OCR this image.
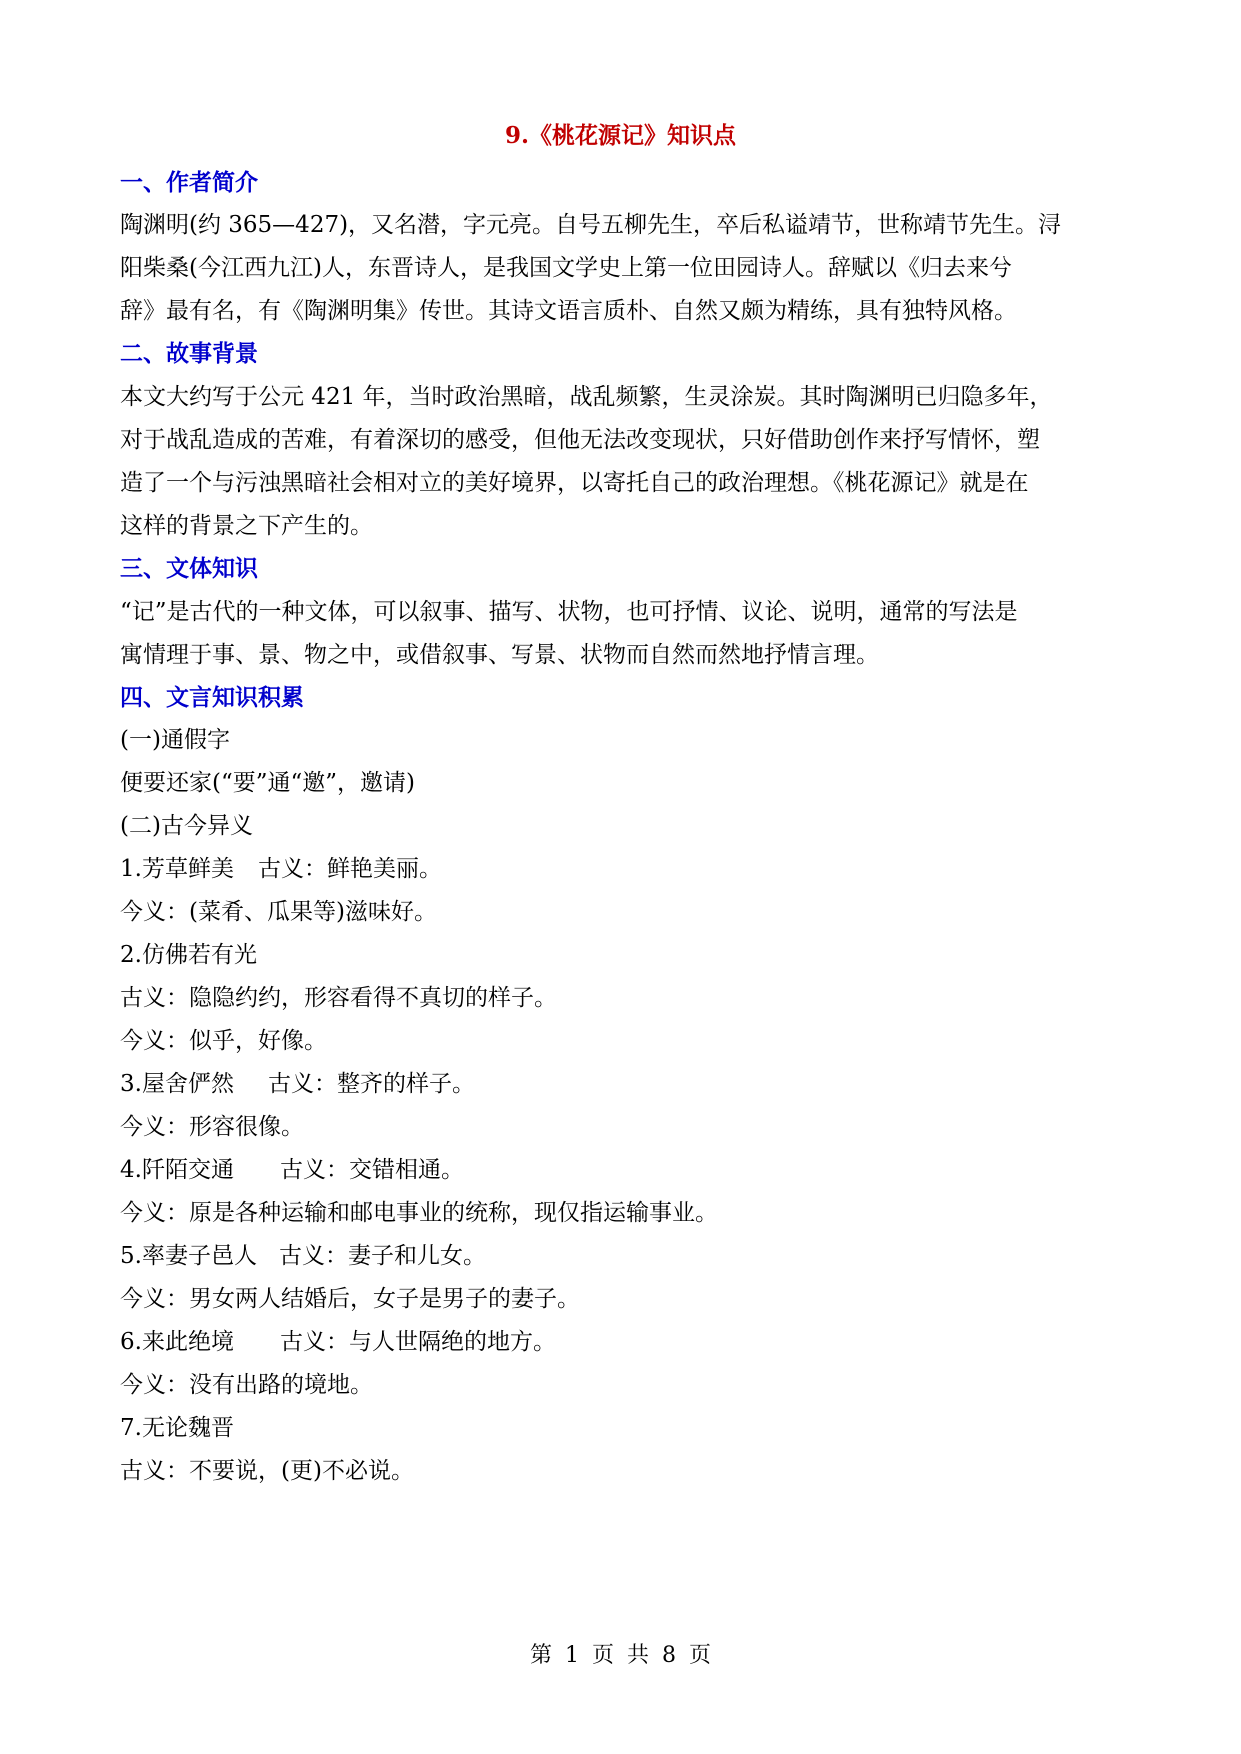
9.《桃花源记》知识点
一、作者简介
陶渊明(约 365—427)，又名潜，字元亮。自号五柳先生，卒后私谥靖节，世称靖节先生。浔
阳柴桑(今江西九江)人，东晋诗人，是我国文学史上第一位田园诗人。辞赋以《归去来兮
辞》最有名，有《陶渊明集》传世。其诗文语言质朴、自然又颇为精练，具有独特风格。
二、故事背景
本文大约写于公元 421 年，当时政治黑暗，战乱频繁，生灵涂炭。其时陶渊明已归隐多年，
对于战乱造成的苦难，有着深切的感受，但他无法改变现状，只好借助创作来抒写情怀，塑
造了一个与污浊黑暗社会相对立的美好境界，以寄托自己的政治理想。《桃花源记》就是在
这样的背景之下产生的。
三、文体知识
“记”是古代的一种文体，可以叙事、描写、状物，也可抒情、议论、说明，通常的写法是
寓情理于事、景、物之中，或借叙事、写景、状物而自然而然地抒情言理。
四、文言知识积累
(一)通假字
便要还家(“要”通“邀”，邀请)
(二)古今异义
1.芳草鲜美 古义：鲜艳美丽。
今义：(菜肴、瓜果等)滋味好。
2.仿佛若有光
古义：隐隐约约，形容看得不真切的样子。
今义：似乎，好像。
3.屋舍俨然 古义：整齐的样子。
今义：形容很像。
4.阡陌交通 古义：交错相通。
今义：原是各种运输和邮电事业的统称，现仅指运输事业。
5.率妻子邑人 古义：妻子和儿女。
今义：男女两人结婚后，女子是男子的妻子。
6.来此绝境 古义：与人世隔绝的地方。
今义：没有出路的境地。
7.无论魏晋
古义：不要说，(更)不必说。
第 1 页 共 8 页
